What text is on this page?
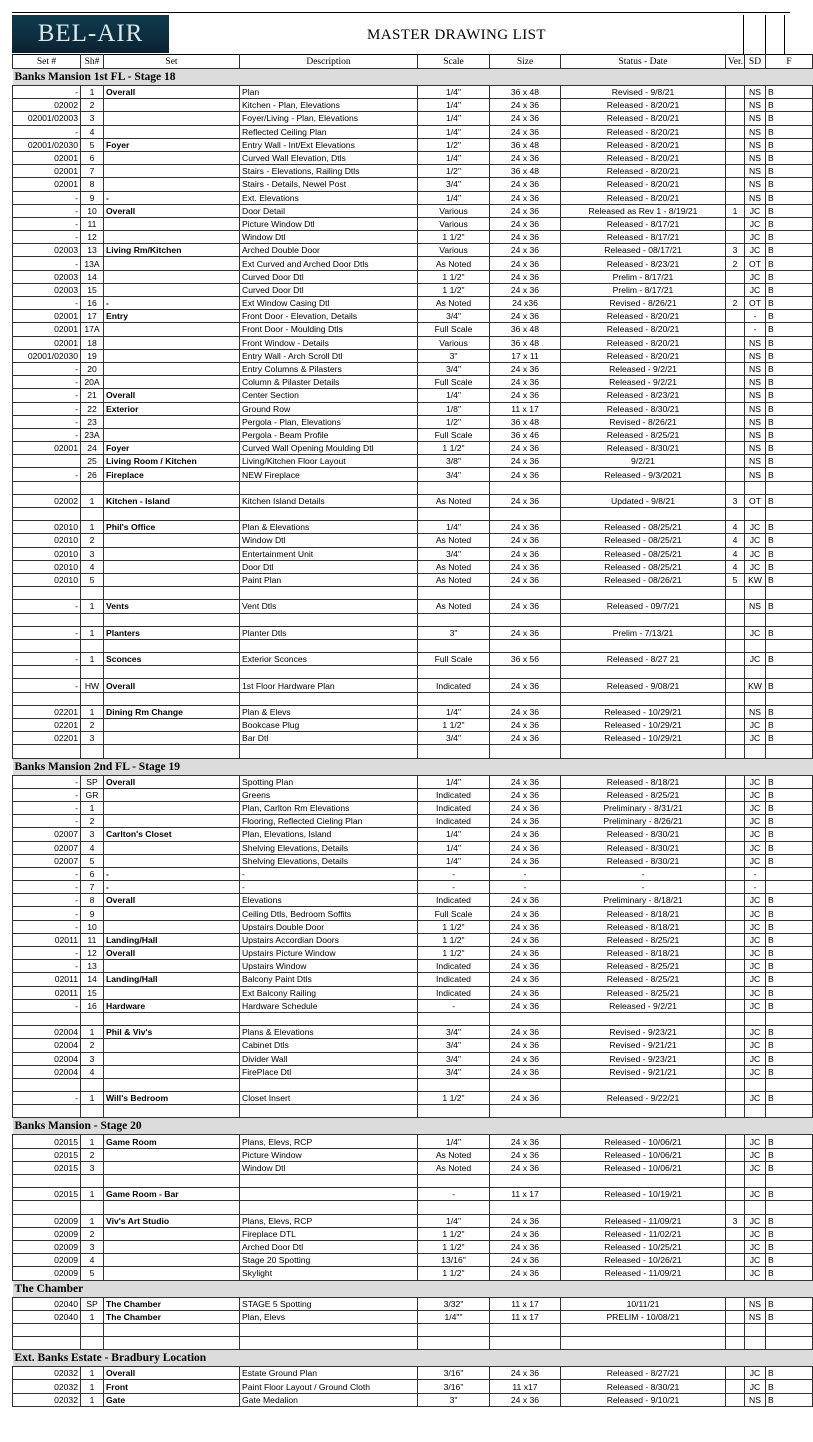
BEL-AIR	MASTER DRAWING LIST
Set #	Sh#	Set	Description	Scale	Size	Status - Date	Ver.	SD	F
Banks Mansion 1st FL - Stage 18									
-	1	Overall	Plan	1/4"	36 x 48	Revised - 9/8/21		NS	B
02002	2		Kitchen - Plan, Elevations	1/4"	24 x 36	Released - 8/20/21		NS	B
02001/02003	3		Foyer/Living - Plan, Elevations	1/4"	24 x 36	Released - 8/20/21		NS	B
-	4		Reflected Ceiling Plan	1/4"	24 x 36	Released - 8/20/21		NS	B
02001/02030	5	Foyer	Entry Wall - Int/Ext Elevations	1/2"	36 x 48	Released - 8/20/21		NS	B
02001	6		Curved Wall Elevation, Dtls	1/4"	24 x 36	Released - 8/20/21		NS	B
02001	7		Stairs - Elevations, Railing Dtls	1/2"	36 x 48	Released - 8/20/21		NS	B
02001	8		Stairs - Details, Newel Post	3/4"	24 x 36	Released - 8/20/21		NS	B
-	9	-	Ext. Elevations	1/4"	24 x 36	Released - 8/20/21		NS	B
-	10	Overall	Door Detail	Various	24 x 36	Released as Rev 1 - 8/19/21	1	JC	B
-	11		Picture Window Dtl	Various	24 x 36	Released - 8/17/21		JC	B
-	12		Window Dtl	1 1/2"	24 x 36	Released - 8/17/21		JC	B
02003	13	Living Rm/Kitchen	Arched Double Door	Various	24 x 36	Released - 08/17/21	3	JC	B
-	13A		Ext Curved and Arched Door Dtls	As Noted	24 x 36	Released - 8/23/21	2	OT	B
02003	14		Curved Door Dtl	1 1/2"	24 x 36	Prelim - 8/17/21		JC	B
02003	15		Curved Door Dtl	1 1/2"	24 x 36	Prelim - 8/17/21		JC	B
-	16	-	Ext Window Casing Dtl	As Noted	24 x36	Revised - 8/26/21	2	OT	B
02001	17	Entry	Front Door - Elevation, Details	3/4"	24 x 36	Released - 8/20/21		-	B
02001	17A		Front Door - Moulding Dtls	Full Scale	36 x 48	Released - 8/20/21		-	B
02001	18		Front Window - Details	Various	36 x 48	Released - 8/20/21		NS	B
02001/02030	19		Entry Wall - Arch Scroll Dtl	3"	17 x 11	Released - 8/20/21		NS	B
-	20		Entry Columns & Pilasters	3/4"	24 x 36	Released - 9/2/21		NS	B
-	20A		Column & Pilaster Details	Full Scale	24 x 36	Released - 9/2/21		NS	B
-	21	Overall	Center Section	1/4"	24 x 36	Released - 8/23/21		NS	B
-	22	Exterior	Ground Row	1/8"	11 x 17	Released - 8/30/21		NS	B
-	23		Pergola - Plan, Elevations	1/2"	36 x 48	Revised - 8/26/21		NS	B
-	23A		Pergola - Beam Profile	Full Scale	36 x 46	Released - 8/25/21		NS	B
02001	24	Foyer	Curved Wall Opening Moulding Dtl	1 1/2"	24 x 36	Released - 8/30/21		NS	B
	25	Living Room / Kitchen	Living/Kitchen Floor Layout	3/8"	24 x 36	9/2/21		NS	B
-	26	Fireplace	NEW Fireplace	3/4"	24 x 36	Released - 9/3/2021		NS	B

02002	1	Kitchen - Island	Kitchen Island Details	As Noted	24 x 36	Updated - 9/8/21	3	OT	B

02010	1	Phil's Office	Plan & Elevations	1/4"	24 x 36	Released - 08/25/21	4	JC	B
02010	2		Window Dtl	As Noted	24 x 36	Released - 08/25/21	4	JC	B
02010	3		Entertainment Unit	3/4"	24 x 36	Released - 08/25/21	4	JC	B
02010	4		Door Dtl	As Noted	24 x 36	Released - 08/25/21	4	JC	B
02010	5		Paint Plan	As Noted	24 x 36	Released - 08/26/21	5	KW	B

-	1	Vents	Vent Dtls	As Noted	24 x 36	Released - 09/7/21		NS	B

-	1	Planters	Planter Dtls	3"	24 x 36	Prelim - 7/13/21		JC	B

-	1	Sconces	Exterior Sconces	Full Scale	36 x 56	Released - 8/27 21		JC	B

-	HW	Overall	1st Floor Hardware Plan	Indicated	24 x 36	Released - 9/08/21		KW	B

02201	1	Dining Rm Change	Plan & Elevs	1/4"	24 x 36	Released - 10/29/21		NS	B
02201	2		Bookcase Plug	1 1/2"	24 x 36	Released - 10/29/21		JC	B
02201	3		Bar Dtl	3/4"	24 x 36	Released - 10/29/21		JC	B

Banks Mansion 2nd FL - Stage 19									
-	SP	Overall	Spotting Plan	1/4"	24 x 36	Released - 8/18/21		JC	B
-	GR		Greens	Indicated	24 x 36	Released - 8/25/21		JC	B
-	1		Plan, Carlton Rm Elevations	Indicated	24 x 36	Preliminary - 8/31/21		JC	B
-	2		Flooring, Reflected Cieling Plan	Indicated	24 x 36	Preliminary - 8/26/21		JC	B
02007	3	Carlton's Closet	Plan, Elevations, Island	1/4"	24 x 36	Released - 8/30/21		JC	B
02007	4		Shelving Elevations, Details	1/4"	24 x 36	Released - 8/30/21		JC	B
02007	5		Shelving Elevations, Details	1/4"	24 x 36	Released - 8/30/21		JC	B
-	6	-	-	-	-	-		-	
-	7	-	-	-	-	-		-	
-	8	Overall	Elevations	Indicated	24 x 36	Preliminary - 8/18/21		JC	B
-	9		Ceiling Dtls, Bedroom Soffits	Full Scale	24 x 36	Released - 8/18/21		JC	B
-	10		Upstairs Double Door	1 1/2"	24 x 36	Released - 8/18/21		JC	B
02011	11	Landing/Hall	Upstairs Accordian Doors	1 1/2"	24 x 36	Released - 8/25/21		JC	B
-	12	Overall	Upstairs Picture Window	1 1/2"	24 x 36	Released - 8/18/21		JC	B
-	13		Upstairs Window	Indicated	24 x 36	Released - 8/25/21		JC	B
02011	14	Landing/Hall	Balcony Paint Dtls	Indicated	24 x 36	Released - 8/25/21		JC	B
02011	15		Ext Balcony Railing	Indicated	24 x 36	Released - 8/25/21		JC	B
-	16	Hardware	Hardware Schedule	-	24 x 36	Released - 9/2/21		JC	B

02004	1	Phil & Viv's	Plans & Elevations	3/4"	24 x 36	Revised - 9/23/21		JC	B
02004	2		Cabinet Dtls	3/4"	24 x 36	Revised - 9/21/21		JC	B
02004	3		Divider Wall	3/4"	24 x 36	Revised - 9/23/21		JC	B
02004	4		FirePlace Dtl	3/4"	24 x 36	Revised - 9/21/21		JC	B

-	1	Will's Bedroom	Closet Insert	1 1/2"	24 x 36	Released - 9/22/21		JC	B

Banks Mansion - Stage 20									
02015	1	Game Room	Plans, Elevs, RCP	1/4"	24 x 36	Released - 10/06/21		JC	B
02015	2		Picture Window	As Noted	24 x 36	Released - 10/06/21		JC	B
02015	3		Window Dtl	As Noted	24 x 36	Released - 10/06/21		JC	B

02015	1	Game Room - Bar		-	11 x 17	Released - 10/19/21		JC	B

02009	1	Viv's Art Studio	Plans, Elevs, RCP	1/4"	24 x 36	Released - 11/09/21	3	JC	B
02009	2		Fireplace DTL	1 1/2"	24 x 36	Released - 11/02/21		JC	B
02009	3		Arched Door Dtl	1 1/2"	24 x 36	Released - 10/25/21		JC	B
02009	4		Stage 20 Spotting	13/16"	24 x 36	Released - 10/26/21		JC	B
02009	5		Skylight	1 1/2"	24 x 36	Released - 11/09/21		JC	B
The Chamber									
02040	SP	The Chamber	STAGE 5 Spotting	3/32"	11 x 17	10/11/21		NS	B
02040	1	The Chamber	Plan, Elevs	1/4""	11 x 17	PRELIM - 10/08/21		NS	B

Ext. Banks Estate - Bradbury Location									
02032	1	Overall	Estate Ground Plan	3/16"	24 x 36	Released - 8/27/21		JC	B
02032	1	Front	Paint Floor Layout / Ground Cloth	3/16"	11 x17	Released - 8/30/21		JC	B
02032	1	Gate	Gate Medalion	3"	24 x 36	Released - 9/10/21		NS	B
